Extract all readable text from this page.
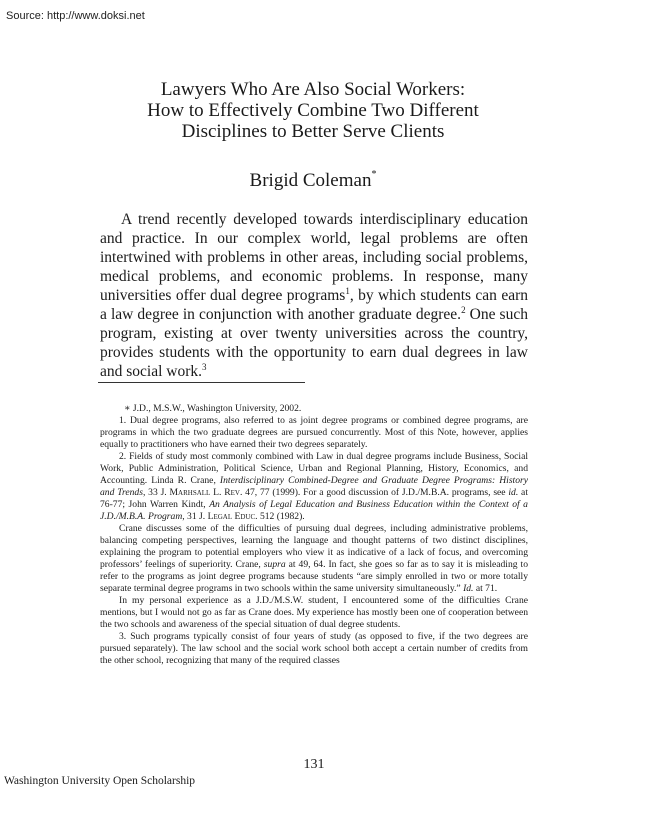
Source: http://www.doksi.net
Lawyers Who Are Also Social Workers:
How to Effectively Combine Two Different
Disciplines to Better Serve Clients
Brigid Coleman*

A trend recently developed towards interdisciplinary education and practice. In our complex world, legal problems are often intertwined with problems in other areas, including social problems, medical problems, and economic problems. In response, many universities offer dual degree programs$^1$, by which students can earn a law degree in conjunction with another graduate degree.$^2$ One such program, existing at over twenty universities across the country, provides students with the opportunity to earn dual degrees in law and social work.$^3$

∗ J.D., M.S.W., Washington University, 2002.

1. Dual degree programs, also referred to as joint degree programs or combined degree programs, are programs in which the two graduate degrees are pursued concurrently. Most of this Note, however, applies equally to practitioners who have earned their two degrees separately.

2. Fields of study most commonly combined with Law in dual degree programs include Business, Social Work, Public Administration, Political Science, Urban and Regional Planning, History, Economics, and Accounting. Linda R. Crane, Interdisciplinary Combined-Degree and Graduate Degree Programs: History and Trends, 33 J. Marhsall L. Rev. 47, 77 (1999). For a good discussion of J.D./M.B.A. programs, see id. at 76-77; John Warren Kindt, An Analysis of Legal Education and Business Education within the Context of a J.D./M.B.A. Program, 31 J. Legal Educ. 512 (1982).

Crane discusses some of the difficulties of pursuing dual degrees, including administrative problems, balancing competing perspectives, learning the language and thought patterns of two distinct disciplines, explaining the program to potential employers who view it as indicative of a lack of focus, and overcoming professors’ feelings of superiority. Crane, supra at 49, 64. In fact, she goes so far as to say it is misleading to refer to the programs as joint degree programs because students “are simply enrolled in two or more totally separate terminal degree programs in two schools within the same university simultaneously.” Id. at 71.

In my personal experience as a J.D./M.S.W. student, I encountered some of the difficulties Crane mentions, but I would not go as far as Crane does. My experience has mostly been one of cooperation between the two schools and awareness of the special situation of dual degree students.

3. Such programs typically consist of four years of study (as opposed to five, if the two degrees are pursued separately). The law school and the social work school both accept a certain number of credits from the other school, recognizing that many of the required classes

131
Washington University Open Scholarship
